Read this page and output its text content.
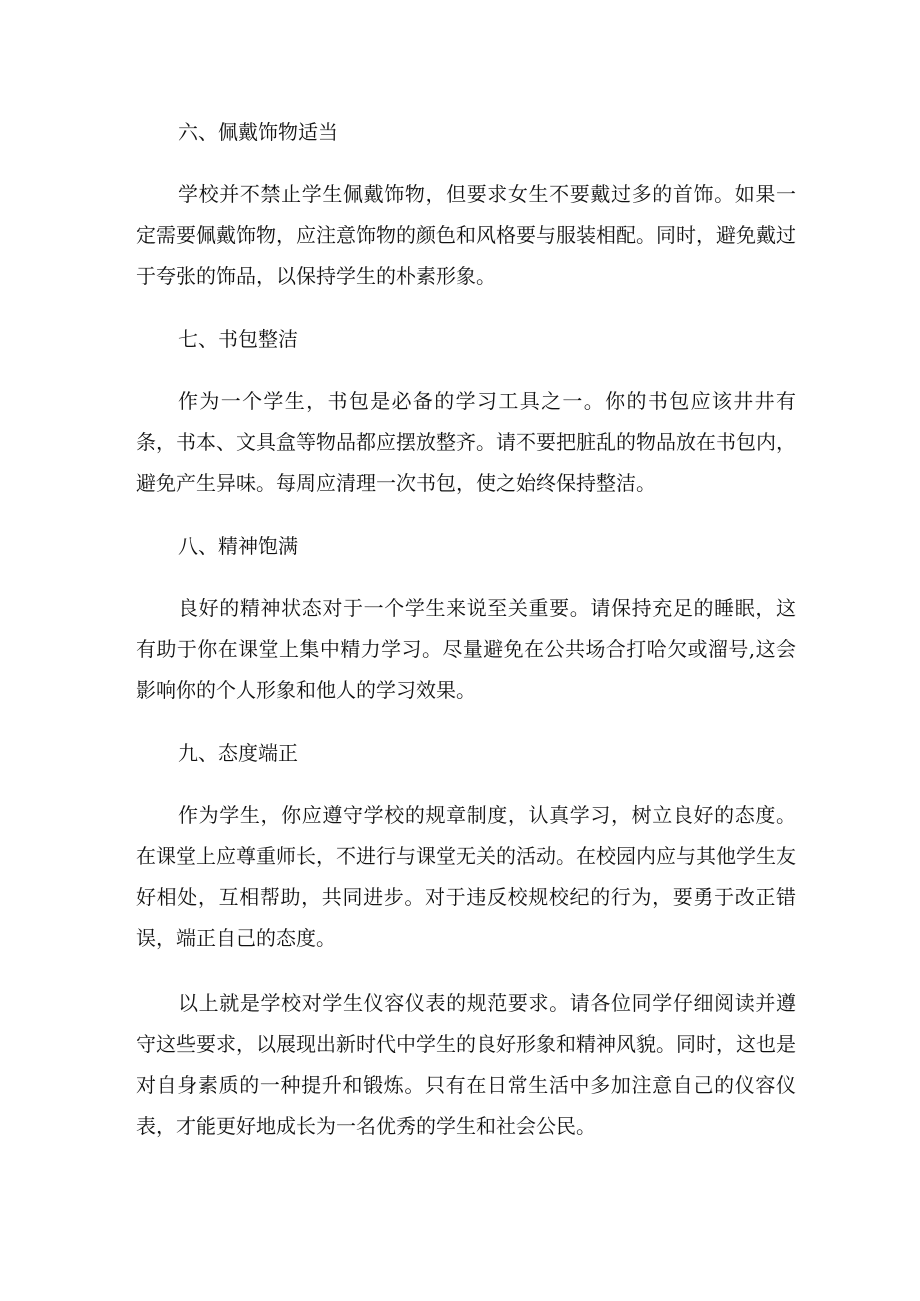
六、佩戴饰物适当

学校并不禁止学生佩戴饰物，但要求女生不要戴过多的首饰。如果一定需要佩戴饰物，应注意饰物的颜色和风格要与服装相配。同时，避免戴过于夸张的饰品，以保持学生的朴素形象。

七、书包整洁

作为一个学生，书包是必备的学习工具之一。你的书包应该井井有条，书本、文具盒等物品都应摆放整齐。请不要把脏乱的物品放在书包内，避免产生异味。每周应清理一次书包，使之始终保持整洁。

八、精神饱满

良好的精神状态对于一个学生来说至关重要。请保持充足的睡眠，这有助于你在课堂上集中精力学习。尽量避免在公共场合打哈欠或溜号,这会影响你的个人形象和他人的学习效果。

九、态度端正

作为学生，你应遵守学校的规章制度，认真学习，树立良好的态度。在课堂上应尊重师长，不进行与课堂无关的活动。在校园内应与其他学生友好相处，互相帮助，共同进步。对于违反校规校纪的行为，要勇于改正错误，端正自己的态度。

以上就是学校对学生仪容仪表的规范要求。请各位同学仔细阅读并遵守这些要求，以展现出新时代中学生的良好形象和精神风貌。同时，这也是对自身素质的一种提升和锻炼。只有在日常生活中多加注意自己的仪容仪表，才能更好地成长为一名优秀的学生和社会公民。
